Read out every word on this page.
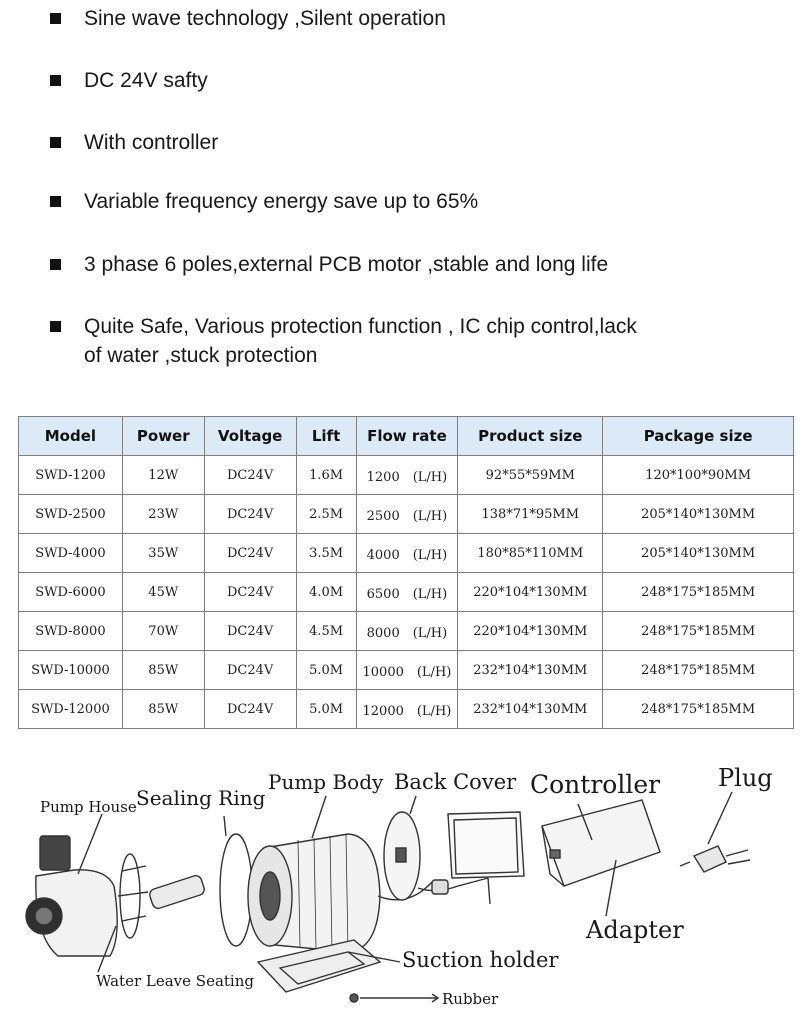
Sine wave technology ,Silent operation
DC 24V safty
With controller
Variable frequency energy save up to 65%
3 phase 6 poles,external PCB motor ,stable and long life
Quite Safe, Various protection function , IC chip control,lack
of water ,stuck protection
Model	Power	Voltage	Lift	Flow rate	Product size	Package size
SWD-1200	12W	DC24V	1.6M	1200　(L/H)	92*55*59MM	120*100*90MM
SWD-2500	23W	DC24V	2.5M	2500　(L/H)	138*71*95MM	205*140*130MM
SWD-4000	35W	DC24V	3.5M	4000　(L/H)	180*85*110MM	205*140*130MM
SWD-6000	45W	DC24V	4.0M	6500　(L/H)	220*104*130MM	248*175*185MM
SWD-8000	70W	DC24V	4.5M	8000　(L/H)	220*104*130MM	248*175*185MM
SWD-10000	85W	DC24V	5.0M	10000　(L/H)	232*104*130MM	248*175*185MM
SWD-12000	85W	DC24V	5.0M	12000　(L/H)	232*104*130MM	248*175*185MM
Pump House Sealing Ring
Pump Body Back Cover Controller Plug
Adapter
Suction holder
Water Leave Seating
Rubber
